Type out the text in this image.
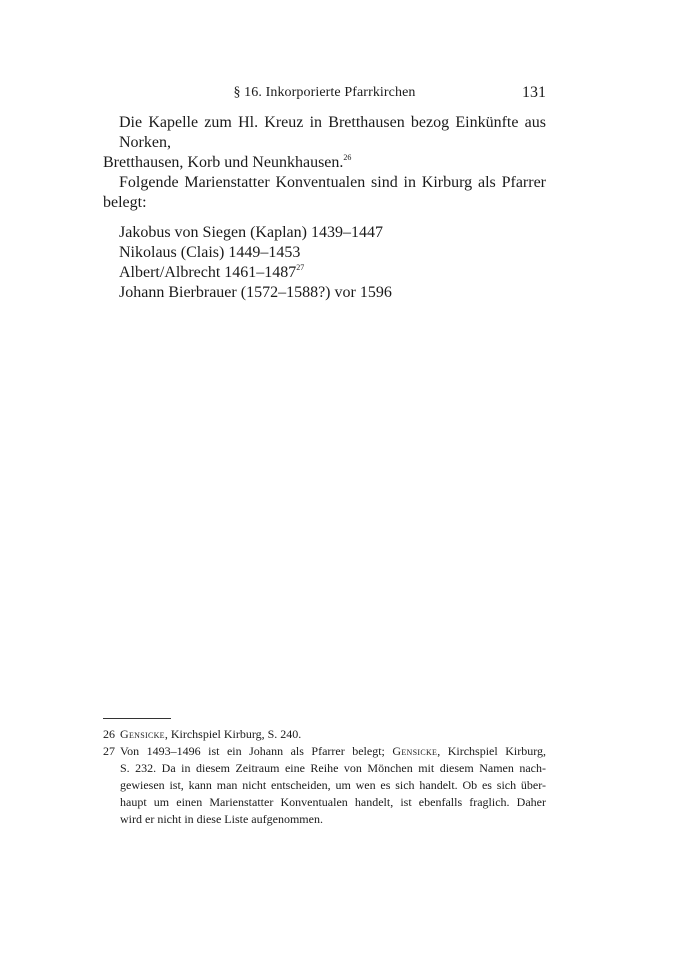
§ 16. Inkorporierte Pfarrkirchen	131

Die Kapelle zum Hl. Kreuz in Bretthausen bezog Einkünfte aus Norken,
Bretthausen, Korb und Neunkhausen.$^{26}$

Folgende Marienstatter Konventualen sind in Kirburg als Pfarrer belegt:

Jakobus von Siegen (Kaplan) 1439–1447
Nikolaus (Clais) 1449–1453
Albert/Albrecht 1461–1487$^{27}$
Johann Bierbrauer (1572–1588?) vor 1596
26 Gensicke, Kirchspiel Kirburg, S. 240.
27 Von 1493–1496 ist ein Johann als Pfarrer belegt; Gensicke, Kirchspiel Kirburg,
S. 232. Da in diesem Zeitraum eine Reihe von Mönchen mit diesem Namen nach-
gewiesen ist, kann man nicht entscheiden, um wen es sich handelt. Ob es sich über-
haupt um einen Marienstatter Konventualen handelt, ist ebenfalls fraglich. Daher
wird er nicht in diese Liste aufgenommen.
